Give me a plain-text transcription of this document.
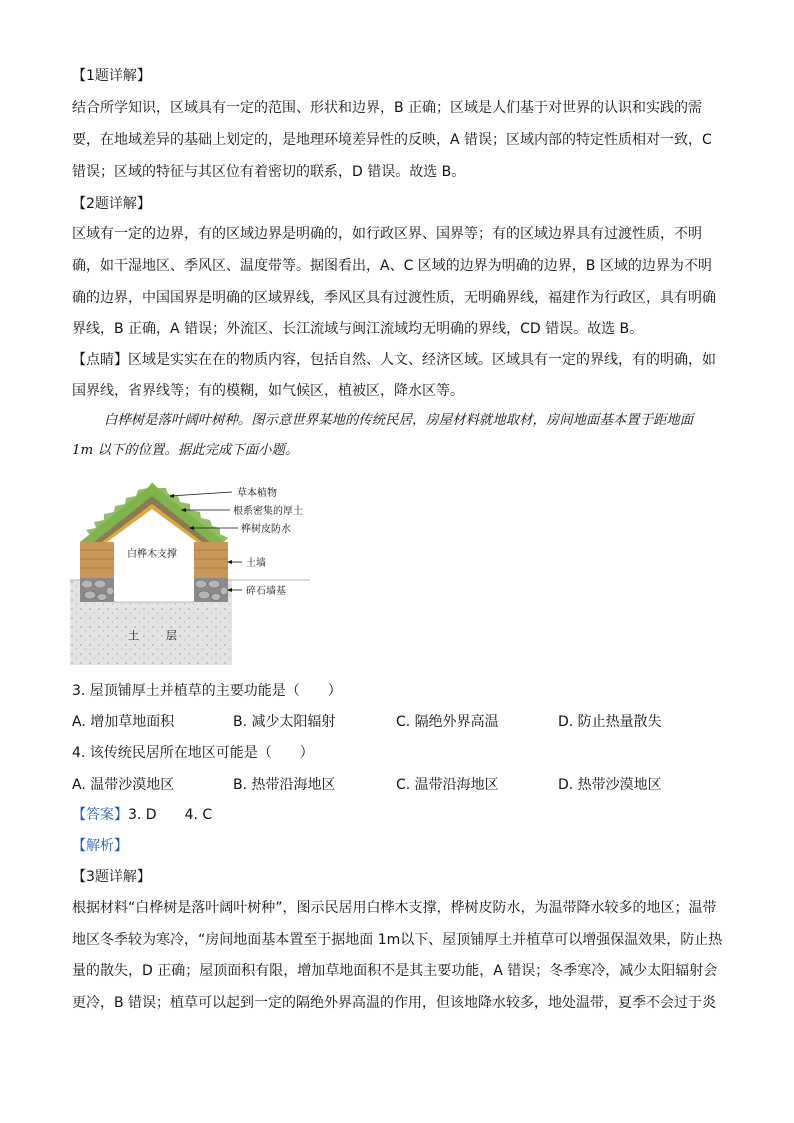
【1题详解】
结合所学知识，区域具有一定的范围、形状和边界，B 正确；区域是人们基于对世界的认识和实践的需
要，在地域差异的基础上划定的，是地理环境差异性的反映，A 错误；区域内部的特定性质相对一致，C
错误；区域的特征与其区位有着密切的联系，D 错误。故选 B。
【2题详解】
区域有一定的边界，有的区域边界是明确的，如行政区界、国界等；有的区域边界具有过渡性质，不明
确，如干湿地区、季风区、温度带等。据图看出，A、C 区域的边界为明确的边界，B 区域的边界为不明
确的边界，中国国界是明确的区域界线，季风区具有过渡性质，无明确界线，福建作为行政区，具有明确
界线，B 正确，A 错误；外流区、长江流域与闽江流域均无明确的界线，CD 错误。故选 B。
【点睛】区域是实实在在的物质内容，包括自然、人文、经济区域。区域具有一定的界线，有的明确，如
国界线，省界线等；有的模糊，如气候区，植被区，降水区等。
白桦树是落叶阔叶树种。图示意世界某地的传统民居，房屋材料就地取材，房间地面基本置于距地面
1m 以下的位置。据此完成下面小题。
草本植物
根系密集的厚土
桦树皮防水
白桦木支撑
土墙
碎石墙基
土 层
3. 屋顶铺厚土并植草的主要功能是（　　）
A. 增加草地面积	B. 减少太阳辐射	C. 隔绝外界高温	D. 防止热量散失
4. 该传统民居所在地区可能是（　　）
A. 温带沙漠地区	B. 热带沿海地区	C. 温带沿海地区	D. 热带沙漠地区
【答案】3. D　　4. C
【解析】
【3题详解】
根据材料“白桦树是落叶阔叶树种”，图示民居用白桦木支撑，桦树皮防水，为温带降水较多的地区；温带
地区冬季较为寒冷，“房间地面基本置至于据地面 1m以下、屋顶铺厚土并植草可以增强保温效果，防止热
量的散失，D 正确；屋顶面积有限，增加草地面积不是其主要功能，A 错误；冬季寒冷，减少太阳辐射会
更冷，B 错误；植草可以起到一定的隔绝外界高温的作用，但该地降水较多，地处温带，夏季不会过于炎
